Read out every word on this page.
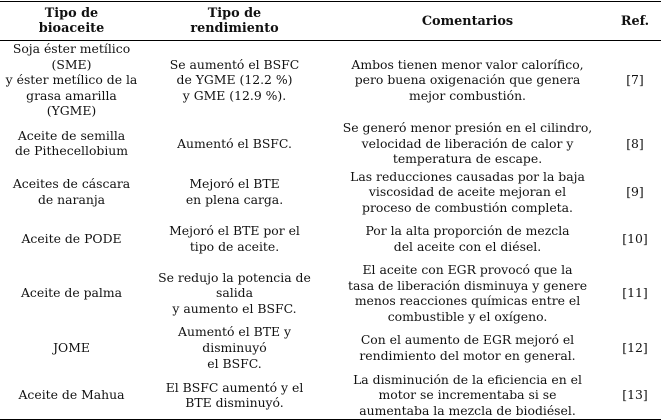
Tipo de
bioaceite	Tipo de
rendimiento	Comentarios	Ref.
Soja éster metílico (SME)
y éster metílico de la
grasa amarilla (YGME)	Se aumentó el BSFC
de YGME (12.2 %)
y GME (12.9 %).	Ambos tienen menor valor calorífico,
pero buena oxigenación que genera
mejor combustión.	[7]
Aceite de semilla
de Pithecellobium	Aumentó el BSFC.	Se generó menor presión en el cilindro,
velocidad de liberación de calor y
temperatura de escape.	[8]
Aceites de cáscara
de naranja	Mejoró el BTE
en plena carga.	Las reducciones causadas por la baja
viscosidad de aceite mejoran el
proceso de combustión completa.	[9]
Aceite de PODE	Mejoró el BTE por el
tipo de aceite.	Por la alta proporción de mezcla
del aceite con el diésel.	[10]
Aceite de palma	Se redujo la potencia de salida
y aumento el BSFC.	El aceite con EGR provocó que la
tasa de liberación disminuya y genere
menos reacciones químicas entre el
combustible y el oxígeno.	[11]
JOME	Aumentó el BTE y disminuyó
el BSFC.	Con el aumento de EGR mejoró el
rendimiento del motor en general.	[12]
Aceite de Mahua	El BSFC aumentó y el
BTE disminuyó.	La disminución de la eficiencia en el
motor se incrementaba si se
aumentaba la mezcla de biodiésel.	[13]
